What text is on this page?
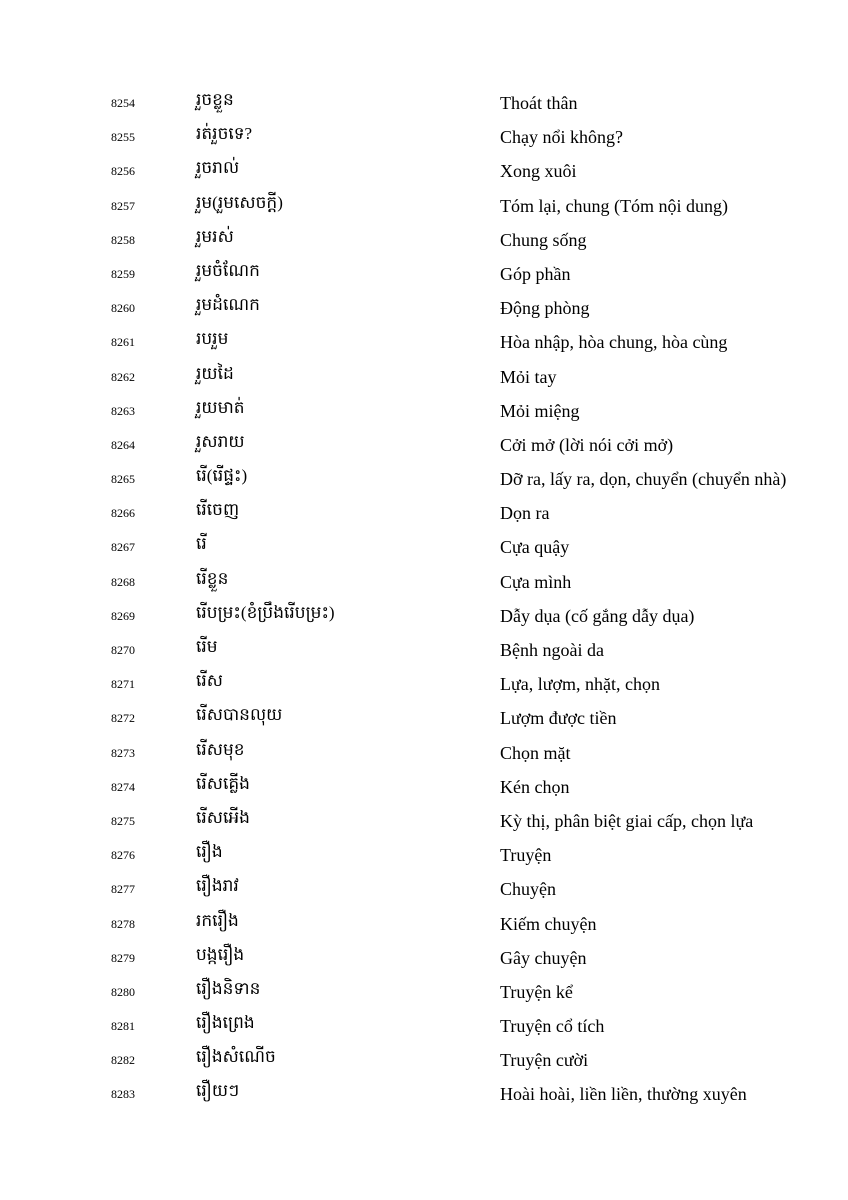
8254	រួចខ្លួន	Thoát thân
8255	រត់រួចទេ?	Chạy nổi không?
8256	រួចរាល់	Xong xuôi
8257	រួម(រួមសេចក្ដី)	Tóm lại, chung (Tóm nội dung)
8258	រួមរស់	Chung sống
8259	រួមចំណែក	Góp phần
8260	រួមដំណេក	Động phòng
8261	របរួម	Hòa nhập, hòa chung, hòa cùng
8262	រួយដៃ	Mỏi tay
8263	រួយមាត់	Mỏi miệng
8264	រួសរាយ	Cởi mở (lời nói cởi mở)
8265	រើ(រើផ្ទះ)	Dỡ ra, lấy ra, dọn, chuyển (chuyển nhà)
8266	រើចេញ	Dọn ra
8267	រើ	Cựa quậy
8268	រើខ្លួន	Cựa mình
8269	រើបម្រះ(ខំប្រឹងរើបម្រះ)	Dẫy dụa (cố gắng dẫy dụa)
8270	រើម	Bệnh ngoài da
8271	រើស	Lựa, lượm, nhặt, chọn
8272	រើសបានលុយ	Lượm được tiền
8273	រើសមុខ	Chọn mặt
8274	រើសគ្លើង	Kén chọn
8275	រើសអើង	Kỳ thị, phân biệt giai cấp, chọn lựa
8276	រឿង	Truyện
8277	រឿងរាវ	Chuyện
8278	រករឿង	Kiếm chuyện
8279	បង្ករឿង	Gây chuyện
8280	រឿងនិទាន	Truyện kể
8281	រឿងព្រេង	Truyện cổ tích
8282	រឿងសំណើច	Truyện cười
8283	រឿយៗ	Hoài hoài, liền liền, thường xuyên
